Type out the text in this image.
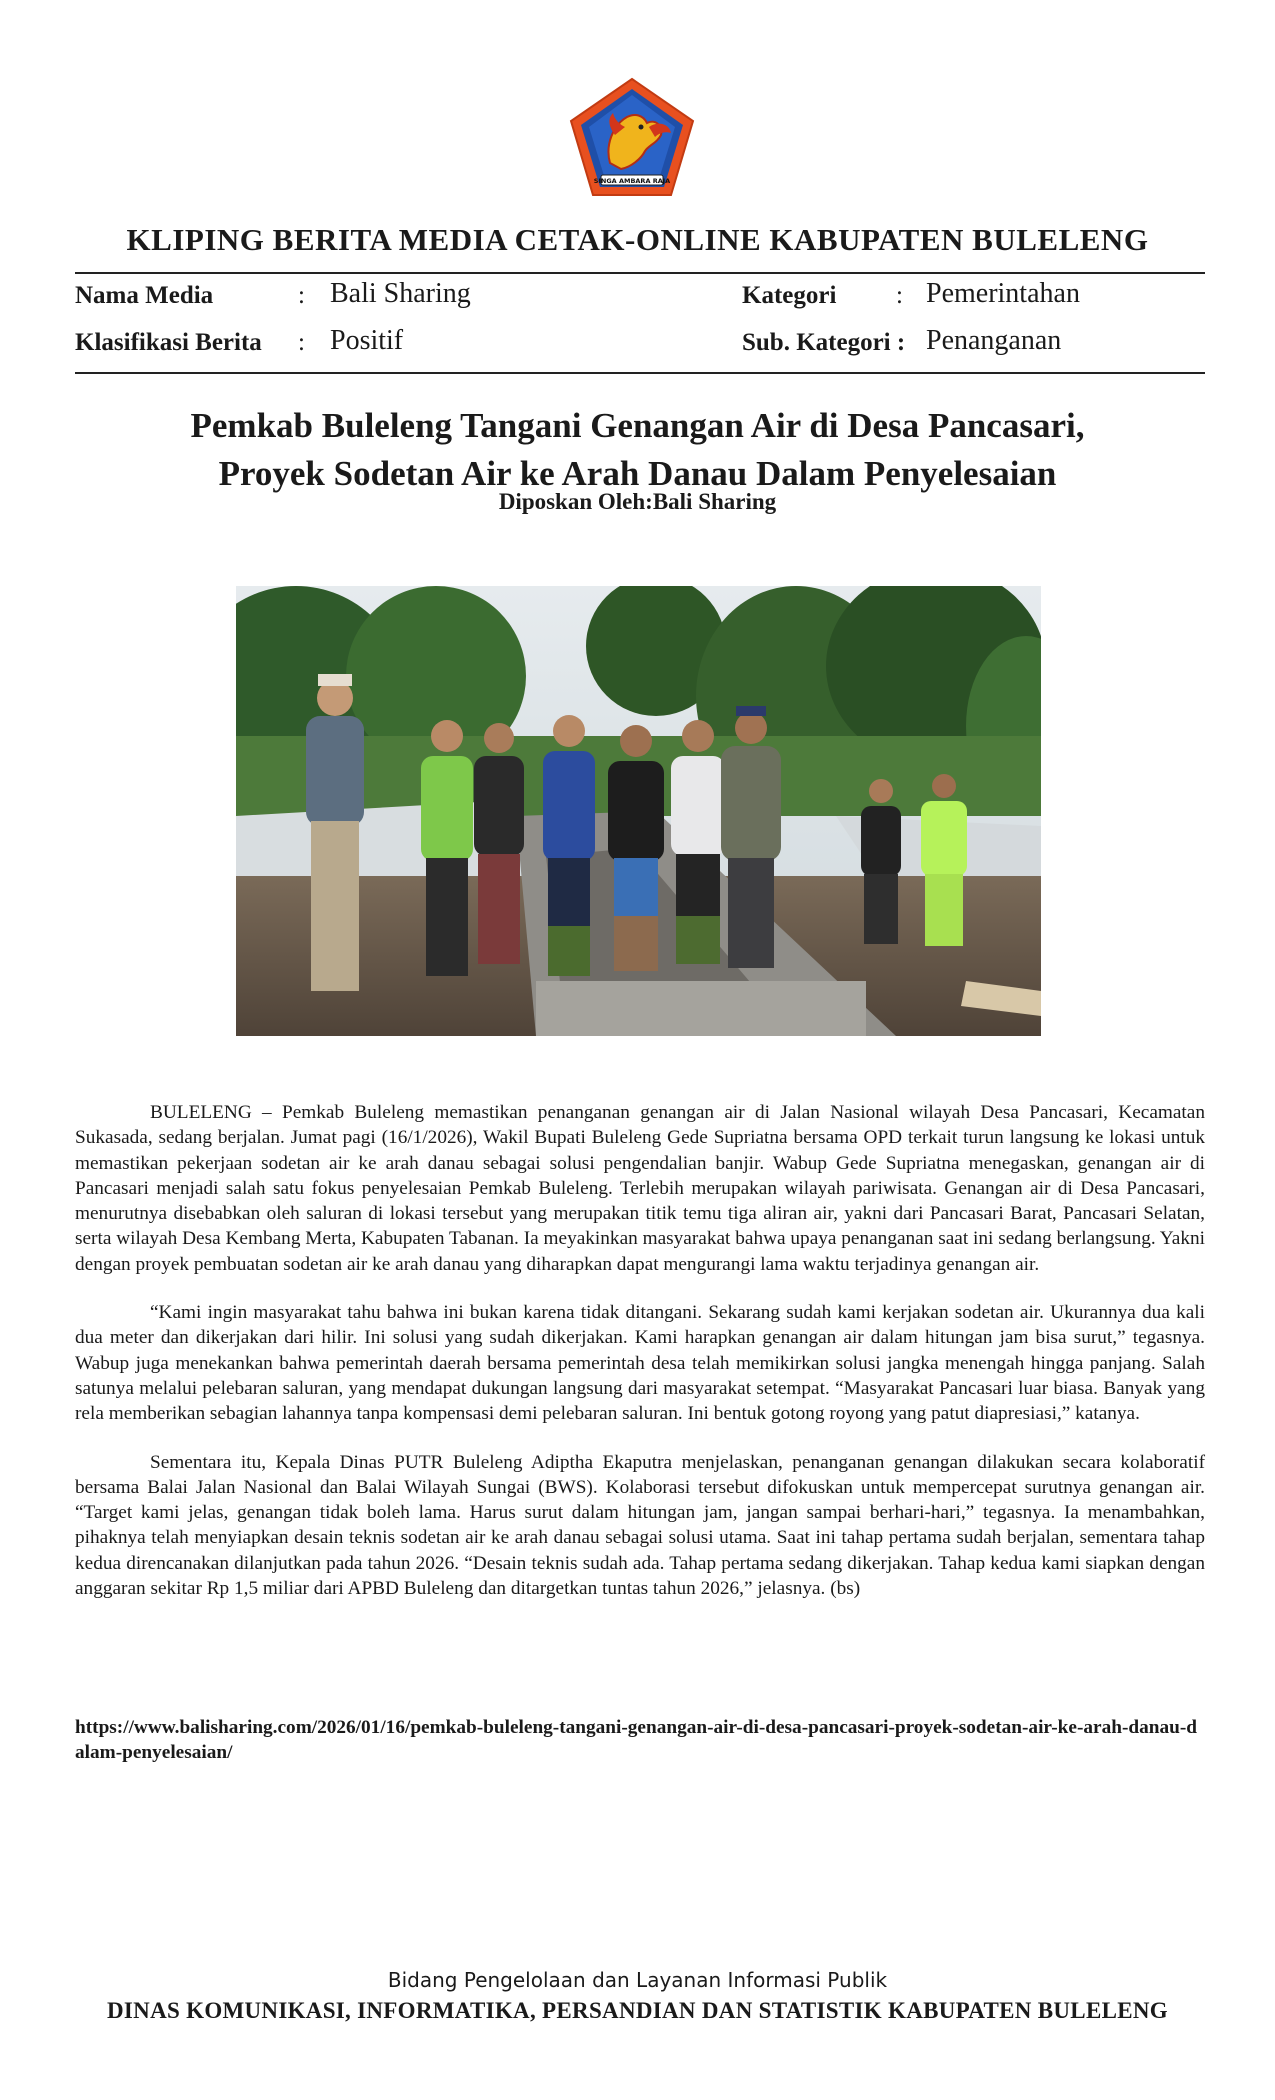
SINGA AMBARA RAJA
KLIPING BERITA MEDIA CETAK-ONLINE KABUPATEN BULELENG
Nama Media	: Bali Sharing
Klasifikasi Berita : Positif
Kategori : Pemerintahan
Sub. Kategori : Penanganan
Pemkab Buleleng Tangani Genangan Air di Desa Pancasari,
Proyek Sodetan Air ke Arah Danau Dalam Penyelesaian
Diposkan Oleh:Bali Sharing

BULELENG – Pemkab Buleleng memastikan penanganan genangan air di Jalan Nasional wilayah Desa Pancasari, Kecamatan Sukasada, sedang berjalan. Jumat pagi (16/1/2026), Wakil Bupati Buleleng Gede Supriatna bersama OPD terkait turun langsung ke lokasi untuk memastikan pekerjaan sodetan air ke arah danau sebagai solusi pengendalian banjir. Wabup Gede Supriatna menegaskan, genangan air di Pancasari menjadi salah satu fokus penyelesaian Pemkab Buleleng. Terlebih merupakan wilayah pariwisata. Genangan air di Desa Pancasari, menurutnya disebabkan oleh saluran di lokasi tersebut yang merupakan titik temu tiga aliran air, yakni dari Pancasari Barat, Pancasari Selatan, serta wilayah Desa Kembang Merta, Kabupaten Tabanan. Ia meyakinkan masyarakat bahwa upaya penanganan saat ini sedang berlangsung. Yakni dengan proyek pembuatan sodetan air ke arah danau yang diharapkan dapat mengurangi lama waktu terjadinya genangan air.

“Kami ingin masyarakat tahu bahwa ini bukan karena tidak ditangani. Sekarang sudah kami kerjakan sodetan air. Ukurannya dua kali dua meter dan dikerjakan dari hilir. Ini solusi yang sudah dikerjakan. Kami harapkan genangan air dalam hitungan jam bisa surut,” tegasnya. Wabup juga menekankan bahwa pemerintah daerah bersama pemerintah desa telah memikirkan solusi jangka menengah hingga panjang. Salah satunya melalui pelebaran saluran, yang mendapat dukungan langsung dari masyarakat setempat. “Masyarakat Pancasari luar biasa. Banyak yang rela memberikan sebagian lahannya tanpa kompensasi demi pelebaran saluran. Ini bentuk gotong royong yang patut diapresiasi,” katanya.

Sementara itu, Kepala Dinas PUTR Buleleng Adiptha Ekaputra menjelaskan, penanganan genangan dilakukan secara kolaboratif bersama Balai Jalan Nasional dan Balai Wilayah Sungai (BWS). Kolaborasi tersebut difokuskan untuk mempercepat surutnya genangan air. “Target kami jelas, genangan tidak boleh lama. Harus surut dalam hitungan jam, jangan sampai berhari-hari,” tegasnya. Ia menambahkan, pihaknya telah menyiapkan desain teknis sodetan air ke arah danau sebagai solusi utama. Saat ini tahap pertama sudah berjalan, sementara tahap kedua direncanakan dilanjutkan pada tahun 2026. “Desain teknis sudah ada. Tahap pertama sedang dikerjakan. Tahap kedua kami siapkan dengan anggaran sekitar Rp 1,5 miliar dari APBD Buleleng dan ditargetkan tuntas tahun 2026,” jelasnya. (bs)

https://www.balisharing.com/2026/01/16/pemkab-buleleng-tangani-genangan-air-di-desa-pancasari-proyek-sodetan-air-ke-arah-danau-dalam-penyelesaian/
Bidang Pengelolaan dan Layanan Informasi Publik
DINAS KOMUNIKASI, INFORMATIKA, PERSANDIAN DAN STATISTIK KABUPATEN BULELENG
